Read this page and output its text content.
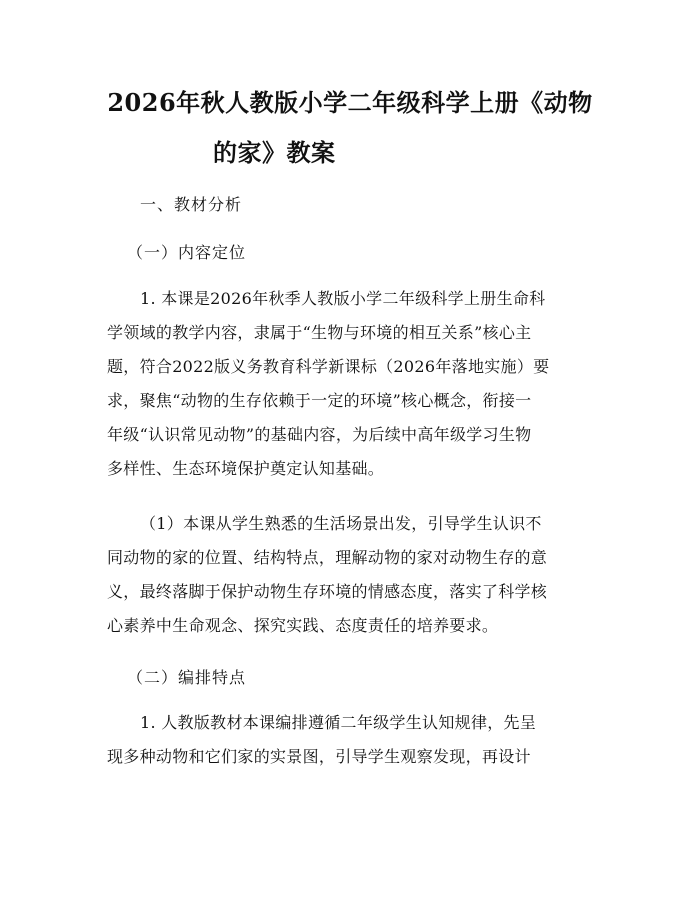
2026年秋人教版小学二年级科学上册《动物
的家》教案
一、教材分析
（一）内容定位

1. 本课是2026年秋季人教版小学二年级科学上册生命科
学领域的教学内容，隶属于“生物与环境的相互关系”核心主
题，符合2022版义务教育科学新课标（2026年落地实施）要
求，聚焦“动物的生存依赖于一定的环境”核心概念，衔接一
年级“认识常见动物”的基础内容，为后续中高年级学习生物
多样性、生态环境保护奠定认知基础。

（1）本课从学生熟悉的生活场景出发，引导学生认识不
同动物的家的位置、结构特点，理解动物的家对动物生存的意
义，最终落脚于保护动物生存环境的情感态度，落实了科学核
心素养中生命观念、探究实践、态度责任的培养要求。

（二）编排特点

1. 人教版教材本课编排遵循二年级学生认知规律，先呈
现多种动物和它们家的实景图，引导学生观察发现，再设计
